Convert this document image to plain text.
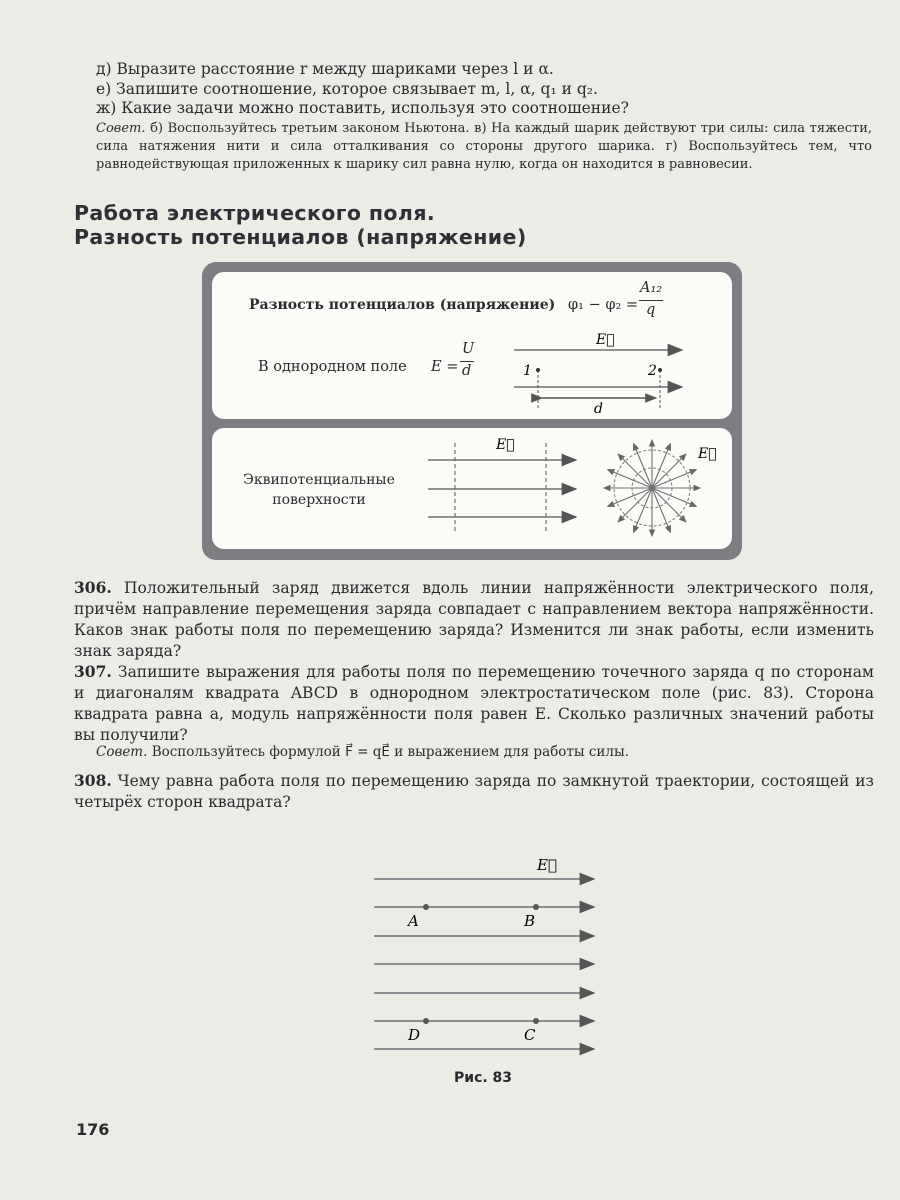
д) Выразите расстояние r между шариками через l и α.
е) Запишите соотношение, которое связывает m, l, α, q₁ и q₂.
ж) Какие задачи можно поставить, используя это соотношение?
Совет. б) Воспользуйтесь третьим законом Ньютона. в) На каждый шарик действуют три силы: сила тяжести, сила натяжения нити и сила отталкивания со стороны другого шарика. г) Воспользуйтесь тем, что равнодействующая приложенных к шарику сил равна нулю, когда он находится в равновесии.
Работа электрического поля.
Разность потенциалов (напряжение)
Разность потенциалов (напряжение) φ₁ − φ₂ =
A₁₂
q
В однородном поле E =
U
d
E⃗
1	2
d
Эквипотенциальные
поверхности
E⃗
E⃗
306. Положительный заряд движется вдоль линии напряжённости электрического поля, причём направление перемещения заряда совпадает с направлением вектора напряжённости. Каков знак работы поля по перемещению заряда? Изменится ли знак работы, если изменить знак заряда?
307. Запишите выражения для работы поля по перемещению точечного заряда q по сторонам и диагоналям квадрата ABCD в однородном электростатическом поле (рис. 83). Сторона квадрата равна a, модуль напряжённости поля равен E. Сколько различных значений работы вы получили?
Совет. Воспользуйтесь формулой F⃗ = qE⃗ и выражением для работы силы.
308. Чему равна работа поля по перемещению заряда по замкнутой траектории, состоящей из четырёх сторон квадрата?
E⃗
A	B
D	C
Рис. 83
176
